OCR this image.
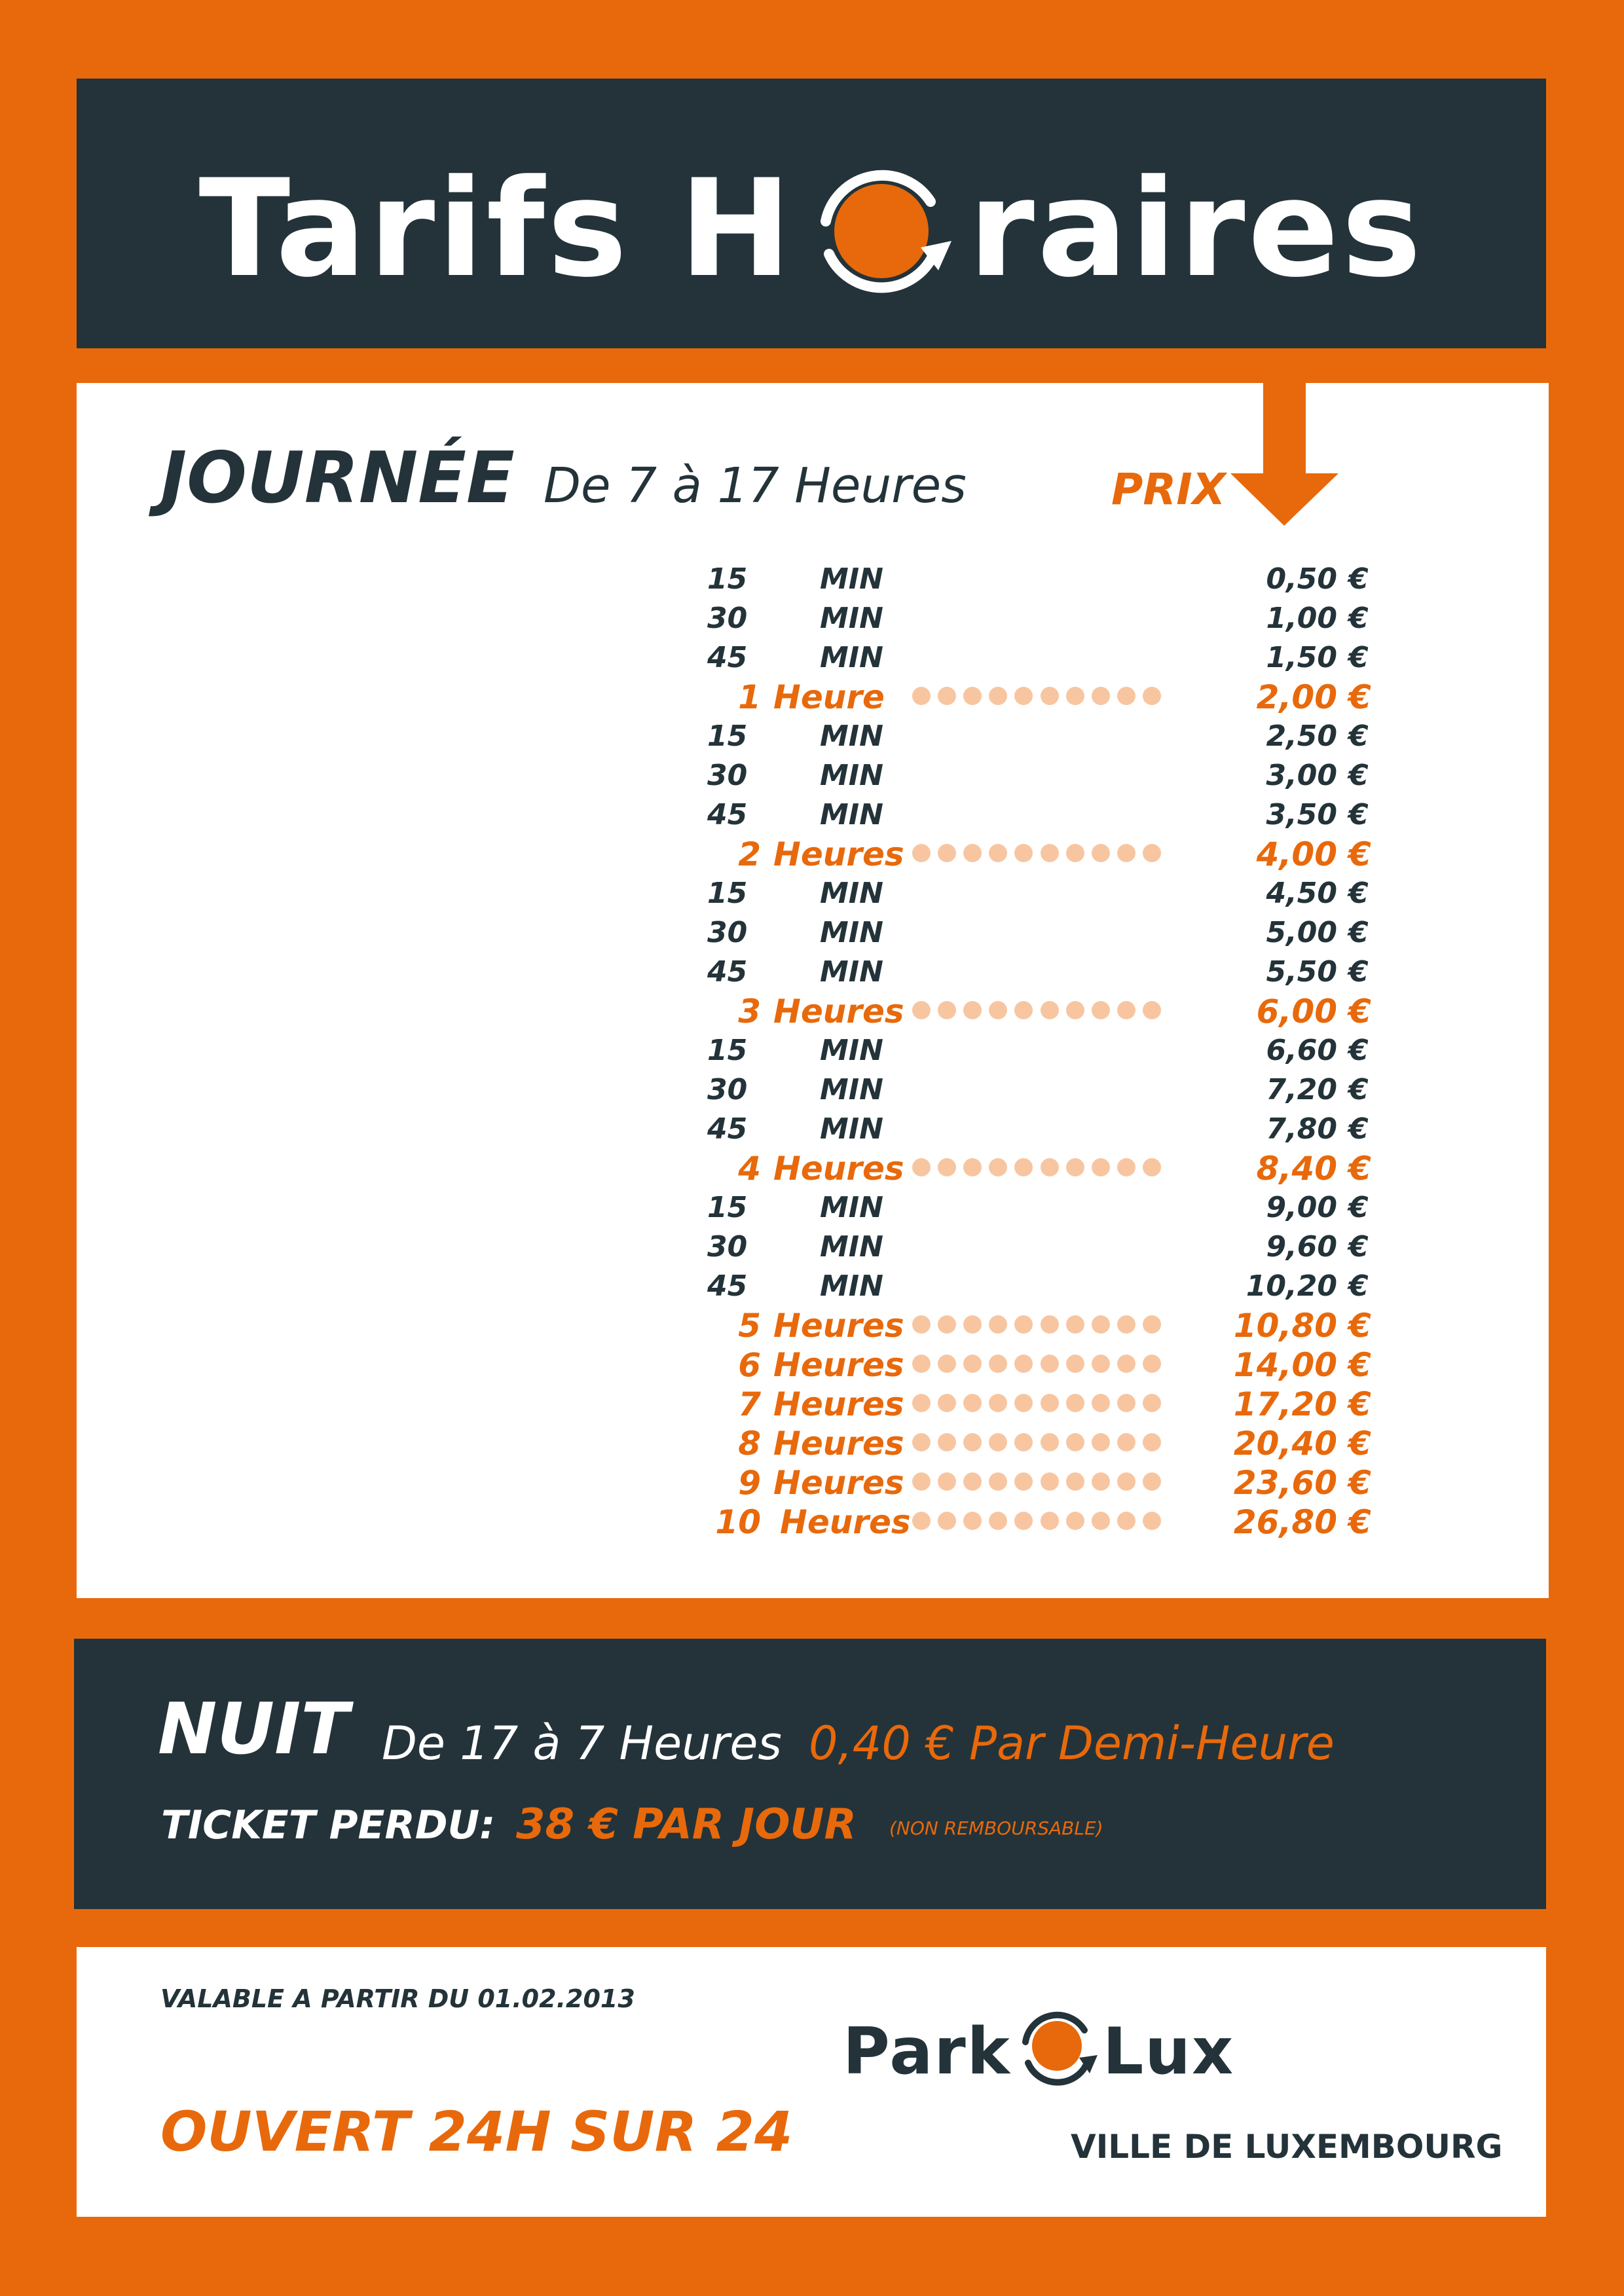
Tarifs H raires
JOURNÉE De 7 à 17 Heures	PRIX
15	MIN	0,50 €
30	MIN	1,00 €
45	MIN	1,50 €
1 Heure	2,00 €
15	MIN	2,50 €
30	MIN	3,00 €
45	MIN	3,50 €
2 Heures	4,00 €
15	MIN	4,50 €
30	MIN	5,00 €
45	MIN	5,50 €
3 Heures	6,00 €
15	MIN	6,60 €
30	MIN	7,20 €
45	MIN	7,80 €
4 Heures	8,40 €
15	MIN	9,00 €
30	MIN	9,60 €
45	MIN	10,20 €
5 Heures	10,80 €
6 Heures	14,00 €
7 Heures	17,20 €
8 Heures	20,40 €
9 Heures	23,60 €
10 Heures	26,80 €
NUIT De 17 à 7 Heures 0,40 € Par Demi-Heure
TICKET PERDU: 38 € PAR JOUR (NON REMBOURSABLE)
VALABLE A PARTIR DU 01.02.2013
OUVERT 24H SUR 24
Park Lux
VILLE DE LUXEMBOURG
